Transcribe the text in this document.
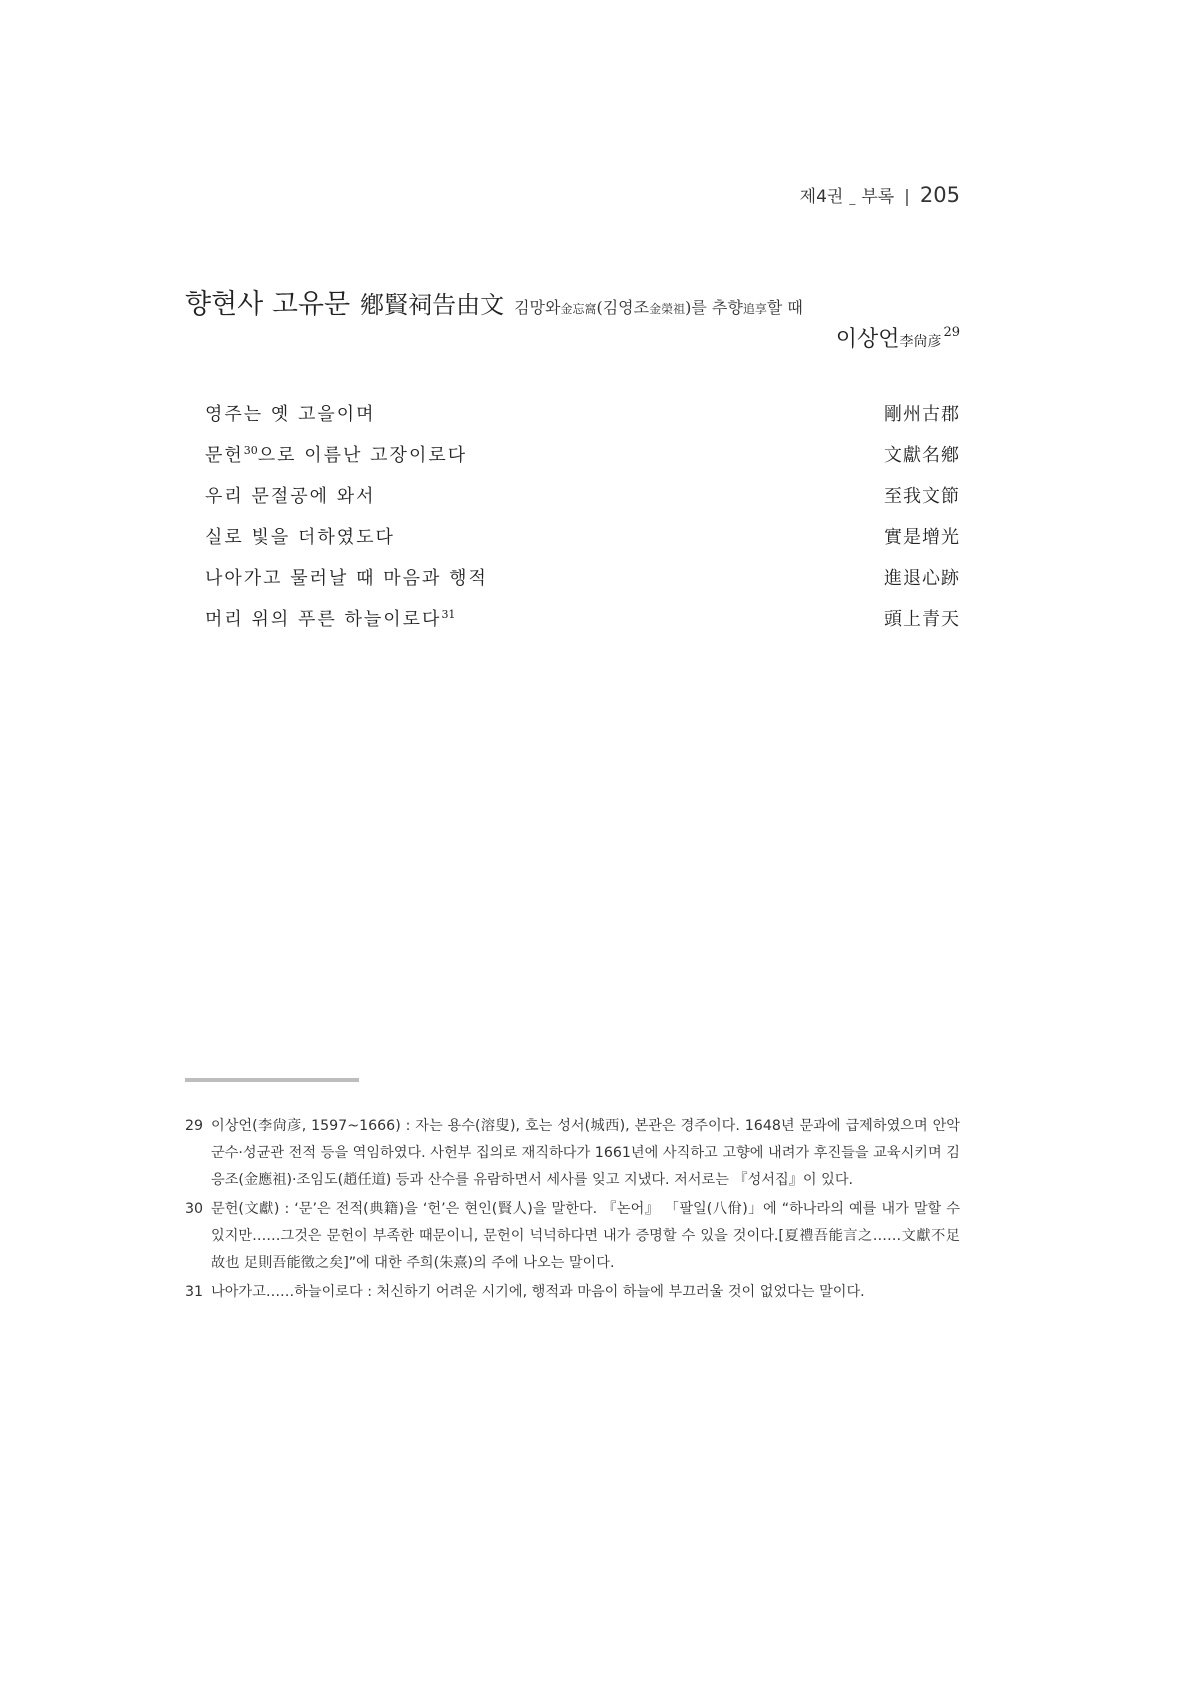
제4권 _ 부록 | 205
향현사 고유문 鄕賢祠告由文 김망와金忘窩(김영조金榮祖)를 추향追享할 때
이상언李尙彦$^{29}$
영주는 옛 고을이며	剛州古郡
문헌$^{30}$으로 이름난 고장이로다	文獻名鄕
우리 문절공에 와서	至我文節
실로 빛을 더하였도다	實是增光
나아가고 물러날 때 마음과 행적	進退心跡
머리 위의 푸른 하늘이로다$^{31}$	頭上青天
29 이상언(李尙彦, 1597~1666) : 자는 용수(溶叟), 호는 성서(城西), 본관은 경주이다. 1648년 문과에 급제하였으며 안악 군수·성균관 전적 등을 역임하였다. 사헌부 집의로 재직하다가 1661년에 사직하고 고향에 내려가 후진들을 교육시키며 김응조(金應祖)·조임도(趙任道) 등과 산수를 유람하면서 세사를 잊고 지냈다. 저서로는 『성서집』이 있다.
30 문헌(文獻) : ‘문’은 전적(典籍)을 ‘헌’은 현인(賢人)을 말한다. 『논어』 「팔일(八佾)」에 “하나라의 예를 내가 말할 수 있지만……그것은 문헌이 부족한 때문이니, 문헌이 넉넉하다면 내가 증명할 수 있을 것이다.[夏禮吾能言之……文獻不足故也 足則吾能徵之矣]”에 대한 주희(朱熹)의 주에 나오는 말이다.
31 나아가고……하늘이로다 : 처신하기 어려운 시기에, 행적과 마음이 하늘에 부끄러울 것이 없었다는 말이다.
